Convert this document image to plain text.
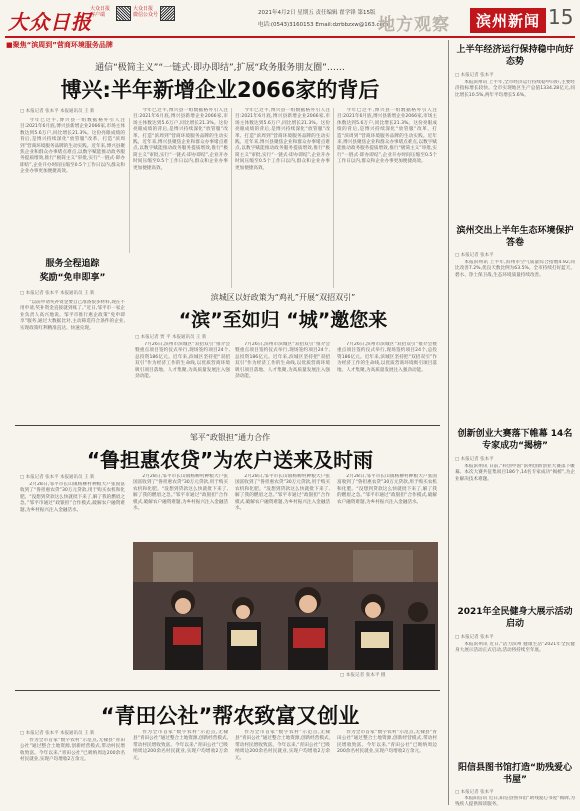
大众日报
大众日报
客户端
大众日报
微信公众号	2021年4月2日 星期五 责任编辑 翟学锋 第15版
电话:(0543)3160153 Email:dzrbbzxw@163.com
地方观察	滨州新闻 15
■聚焦“滨周到”营商环境服务品牌
通信“极简主义”“一链式·即办即结”,扩展“政务服务朋友圈”……
博兴:半年新增企业2066家的背后
□ 本报记者 张本平 本报通讯员 王 新

今年已过半,博兴县一组数据格外引人注目:2021年6月底,博兴县新增企业2066家,市场主体数达到5.6万户,同比增长21.3%。这份亮眼成绩的背后,是博兴持续深化“放管服”改革、打造“滨周到”营商环境服务品牌的生动实践。近年来,博兴县聚焦企业和群众办事堵点难点,以数字赋能推动政务服务提质增效,推行“极简主义”审批,实行“一链式·即办即结”,企业开办时间压缩至0.5个工作日以内,群众和企业办事更加便捷高效。

今年已过半,博兴县一组数据格外引人注目:2021年6月底,博兴县新增企业2066家,市场主体数达到5.6万户,同比增长21.3%。这份亮眼成绩的背后,是博兴持续深化“放管服”改革、打造“滨周到”营商环境服务品牌的生动实践。近年来,博兴县聚焦企业和群众办事堵点难点,以数字赋能推动政务服务提质增效,推行“极简主义”审批,实行“一链式·即办即结”,企业开办时间压缩至0.5个工作日以内,群众和企业办事更加便捷高效。

今年已过半,博兴县一组数据格外引人注目:2021年6月底,博兴县新增企业2066家,市场主体数达到5.6万户,同比增长21.3%。这份亮眼成绩的背后,是博兴持续深化“放管服”改革、打造“滨周到”营商环境服务品牌的生动实践。近年来,博兴县聚焦企业和群众办事堵点难点,以数字赋能推动政务服务提质增效,推行“极简主义”审批,实行“一链式·即办即结”,企业开办时间压缩至0.5个工作日以内,群众和企业办事更加便捷高效。

今年已过半,博兴县一组数据格外引人注目:2021年6月底,博兴县新增企业2066家,市场主体数达到5.6万户,同比增长21.3%。这份亮眼成绩的背后,是博兴持续深化“放管服”改革、打造“滨周到”营商环境服务品牌的生动实践。近年来,博兴县聚焦企业和群众办事堵点难点,以数字赋能推动政务服务提质增效,推行“极简主义”审批,实行“一链式·即办即结”,企业开办时间压缩至0.5个工作日以内,群众和企业办事更加便捷高效。

服务全程追踪
奖励“免申即享”
□ 本报记者 张本平 本报通讯员 王 新

“以前申请奖补资金要自己准备很多材料,现在不用申请,奖补资金直接就到账了。”近日,邹平市一家企业负责人高兴地说。邹平市推行惠企政策“免申即享”服务,通过大数据比对,主动筛选符合条件的企业,实现政策红利精准直达、快速兑现。

滨城区以好政策为“鸡礼”开展“双招双引”
“滨”至如归 “城”邀您来
□ 本报记者 贾 平 本报通讯员 王 新

7月26日,滨州市滨城区“双招双引”推介会暨重点项目签约仪式举行,现场签约项目24个,总投资186亿元。近年来,滨城区坚持把“双招双引”作为经济工作的生命线,以优质营商环境吸引项目落地、人才集聚,为高质量发展注入强劲动能。

7月26日,滨州市滨城区“双招双引”推介会暨重点项目签约仪式举行,现场签约项目24个,总投资186亿元。近年来,滨城区坚持把“双招双引”作为经济工作的生命线,以优质营商环境吸引项目落地、人才集聚,为高质量发展注入强劲动能。

7月26日,滨州市滨城区“双招双引”推介会暨重点项目签约仪式举行,现场签约项目24个,总投资186亿元。近年来,滨城区坚持把“双招双引”作为经济工作的生命线,以优质营商环境吸引项目落地、人才集聚,为高质量发展注入强劲动能。

邹平“政银担”通力合作
“鲁担惠农贷”为农户送来及时雨
□ 本报记者 张本平 本报通讯员 王 新

2月28日,邹平市长山镇杨柳村种粮大户张国富收到了“鲁担惠农贷”30万元贷款,用于购买农机和化肥。“没想到贷款这么快就批下来了,解了我的燃眉之急。”邹平市通过“政银担”合作模式,破解农户融资难题,为乡村振兴注入金融活水。

2月28日,邹平市长山镇杨柳村种粮大户张国富收到了“鲁担惠农贷”30万元贷款,用于购买农机和化肥。“没想到贷款这么快就批下来了,解了我的燃眉之急。”邹平市通过“政银担”合作模式,破解农户融资难题,为乡村振兴注入金融活水。

2月28日,邹平市长山镇杨柳村种粮大户张国富收到了“鲁担惠农贷”30万元贷款,用于购买农机和化肥。“没想到贷款这么快就批下来了,解了我的燃眉之急。”邹平市通过“政银担”合作模式,破解农户融资难题,为乡村振兴注入金融活水。

2月28日,邹平市长山镇杨柳村种粮大户张国富收到了“鲁担惠农贷”30万元贷款,用于购买农机和化肥。“没想到贷款这么快就批下来了,解了我的燃眉之急。”邹平市通过“政银担”合作模式,破解农户融资难题,为乡村振兴注入金融活水。

□ 本报记者 张本平 摄
“青田公社”帮农致富又创业
□ 本报记者 张本平 本报通讯员 王 新

作为全市首家“数字农村”示范点,无棣县“青田公社”通过整合土地资源,创新经营模式,带动村民增收致富。今年以来,“青田公社”已吸纳周边200余名村民就业,实现户均增收2万余元。

作为全市首家“数字农村”示范点,无棣县“青田公社”通过整合土地资源,创新经营模式,带动村民增收致富。今年以来,“青田公社”已吸纳周边200余名村民就业,实现户均增收2万余元。

作为全市首家“数字农村”示范点,无棣县“青田公社”通过整合土地资源,创新经营模式,带动村民增收致富。今年以来,“青田公社”已吸纳周边200余名村民就业,实现户均增收2万余元。

作为全市首家“数字农村”示范点,无棣县“青田公社”通过整合土地资源,创新经营模式,带动村民增收致富。今年以来,“青田公社”已吸纳周边200余名村民就业,实现户均增收2万余元。

上半年经济运行保持稳中向好态势
□ 本报记者 张本平

本报滨州讯 上半年,全市经济运行持续稳中向好,主要经济指标增长较快。全市实现地区生产总值1334.28亿元,同比增长10.5%,两年平均增长5.6%。

滨州交出上半年生态环境保护答卷
□ 本报记者 张本平

本报滨州讯 上半年,滨州市空气质量综合指数4.92,同比改善7.2%,优良天数比例为63.5%。全市持续打好蓝天、碧水、净土保卫战,生态环境质量持续改善。

创新创业大赛落下帷幕 14名专家成功“揭榜”
□ 本报记者 张本平

本报滨州讯 日前,“科创中国”滨州创新创业大赛落下帷幕。本次大赛共征集项目186个,14名专家成功“揭榜”,为企业解决技术难题。

2021年全民健身大展示活动启动
□ 本报记者 张本平

本报滨州讯 近日,“活力滨州 健康生活”2021年全民健身大展示活动正式启动,活动将持续至年底。

阳信县图书馆打造“助残爱心书屋”
□ 本报记者 张本平

本报阳信讯 近日,阳信县图书馆“助残爱心书屋”揭牌,为残疾人提供阅读服务。
